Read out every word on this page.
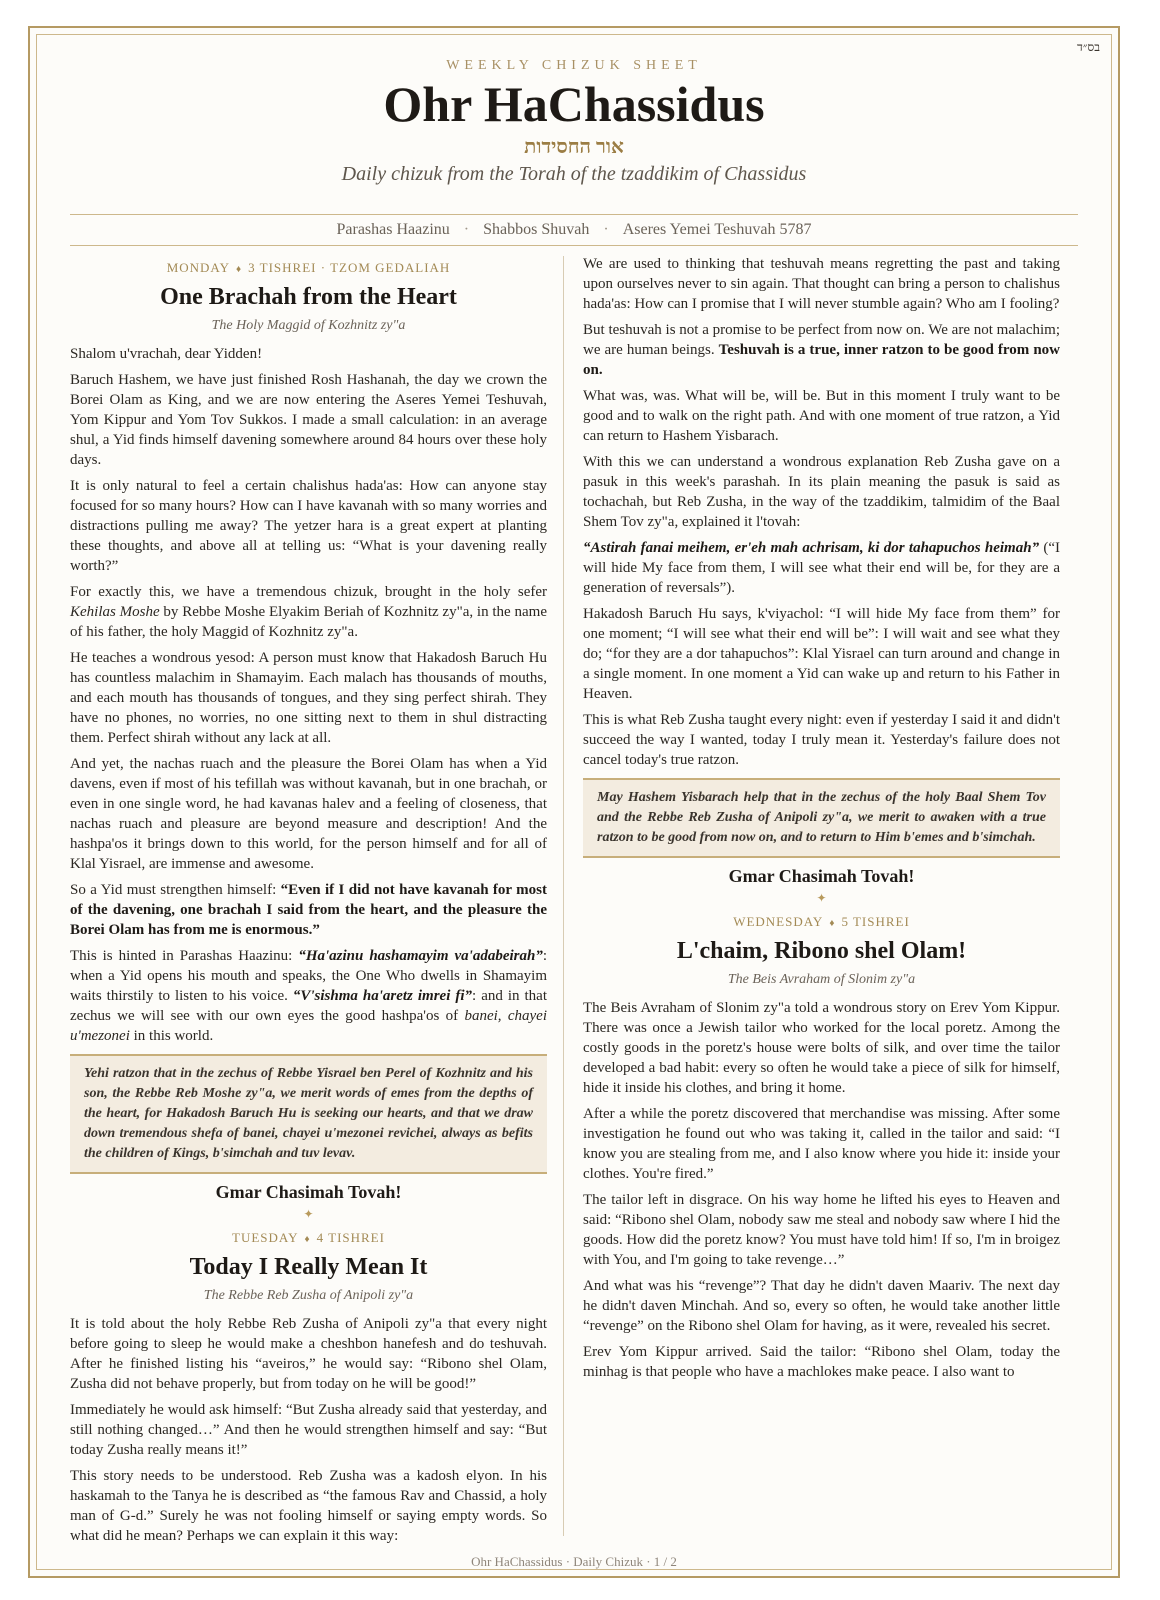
בס״ד
WEEKLY CHIZUK SHEET
Ohr HaChassidus
אור החסידות
Daily chizuk from the Torah of the tzaddikim of Chassidus
Parashas Haazinu · Shabbos Shuvah · Aseres Yemei Teshuvah 5787
MONDAY ♦ 3 TISHREI · TZOM GEDALIAH
One Brachah from the Heart
The Holy Maggid of Kozhnitz zy"a

Shalom u'vrachah, dear Yidden!

Baruch Hashem, we have just finished Rosh Hashanah, the day we crown the Borei Olam as King, and we are now entering the Aseres Yemei Teshuvah, Yom Kippur and Yom Tov Sukkos. I made a small calculation: in an average shul, a Yid finds himself davening somewhere around 84 hours over these holy days.

It is only natural to feel a certain chalishus hada'as: How can anyone stay focused for so many hours? How can I have kavanah with so many worries and distractions pulling me away? The yetzer hara is a great expert at planting these thoughts, and above all at telling us: “What is your davening really worth?”

For exactly this, we have a tremendous chizuk, brought in the holy sefer Kehilas Moshe by Rebbe Moshe Elyakim Beriah of Kozhnitz zy"a, in the name of his father, the holy Maggid of Kozhnitz zy"a.

He teaches a wondrous yesod: A person must know that Hakadosh Baruch Hu has countless malachim in Shamayim. Each malach has thousands of mouths, and each mouth has thousands of tongues, and they sing perfect shirah. They have no phones, no worries, no one sitting next to them in shul distracting them. Perfect shirah without any lack at all.

And yet, the nachas ruach and the pleasure the Borei Olam has when a Yid davens, even if most of his tefillah was without kavanah, but in one brachah, or even in one single word, he had kavanas halev and a feeling of closeness, that nachas ruach and pleasure are beyond measure and description! And the hashpa'os it brings down to this world, for the person himself and for all of Klal Yisrael, are immense and awesome.

So a Yid must strengthen himself: “Even if I did not have kavanah for most of the davening, one brachah I said from the heart, and the pleasure the Borei Olam has from me is enormous.”

This is hinted in Parashas Haazinu: “Ha'azinu hashamayim va'adabeirah”: when a Yid opens his mouth and speaks, the One Who dwells in Shamayim waits thirstily to listen to his voice. “V'sishma ha'aretz imrei fi”: and in that zechus we will see with our own eyes the good hashpa'os of banei, chayei u'mezonei in this world.

Yehi ratzon that in the zechus of Rebbe Yisrael ben Perel of Kozhnitz and his son, the Rebbe Reb Moshe zy"a, we merit words of emes from the depths of the heart, for Hakadosh Baruch Hu is seeking our hearts, and that we draw down tremendous shefa of banei, chayei u'mezonei revichei, always as befits the children of Kings, b'simchah and tuv levav.
Gmar Chasimah Tovah!
✦
TUESDAY ♦ 4 TISHREI
Today I Really Mean It
The Rebbe Reb Zusha of Anipoli zy"a

It is told about the holy Rebbe Reb Zusha of Anipoli zy"a that every night before going to sleep he would make a cheshbon hanefesh and do teshuvah. After he finished listing his “aveiros,” he would say: “Ribono shel Olam, Zusha did not behave properly, but from today on he will be good!”

Immediately he would ask himself: “But Zusha already said that yesterday, and still nothing changed…” And then he would strengthen himself and say: “But today Zusha really means it!”

This story needs to be understood. Reb Zusha was a kadosh elyon. In his haskamah to the Tanya he is described as “the famous Rav and Chassid, a holy man of G-d.” Surely he was not fooling himself or saying empty words. So what did he mean? Perhaps we can explain it this way:

We are used to thinking that teshuvah means regretting the past and taking upon ourselves never to sin again. That thought can bring a person to chalishus hada'as: How can I promise that I will never stumble again? Who am I fooling?

But teshuvah is not a promise to be perfect from now on. We are not malachim; we are human beings. Teshuvah is a true, inner ratzon to be good from now on.

What was, was. What will be, will be. But in this moment I truly want to be good and to walk on the right path. And with one moment of true ratzon, a Yid can return to Hashem Yisbarach.

With this we can understand a wondrous explanation Reb Zusha gave on a pasuk in this week's parashah. In its plain meaning the pasuk is said as tochachah, but Reb Zusha, in the way of the tzaddikim, talmidim of the Baal Shem Tov zy"a, explained it l'tovah:

“Astirah fanai meihem, er'eh mah achrisam, ki dor tahapuchos heimah” (“I will hide My face from them, I will see what their end will be, for they are a generation of reversals”).

Hakadosh Baruch Hu says, k'viyachol: “I will hide My face from them” for one moment; “I will see what their end will be”: I will wait and see what they do; “for they are a dor tahapuchos”: Klal Yisrael can turn around and change in a single moment. In one moment a Yid can wake up and return to his Father in Heaven.

This is what Reb Zusha taught every night: even if yesterday I said it and didn't succeed the way I wanted, today I truly mean it. Yesterday's failure does not cancel today's true ratzon.

May Hashem Yisbarach help that in the zechus of the holy Baal Shem Tov and the Rebbe Reb Zusha of Anipoli zy"a, we merit to awaken with a true ratzon to be good from now on, and to return to Him b'emes and b'simchah.
Gmar Chasimah Tovah!
✦
WEDNESDAY ♦ 5 TISHREI
L'chaim, Ribono shel Olam!
The Beis Avraham of Slonim zy"a

The Beis Avraham of Slonim zy"a told a wondrous story on Erev Yom Kippur. There was once a Jewish tailor who worked for the local poretz. Among the costly goods in the poretz's house were bolts of silk, and over time the tailor developed a bad habit: every so often he would take a piece of silk for himself, hide it inside his clothes, and bring it home.

After a while the poretz discovered that merchandise was missing. After some investigation he found out who was taking it, called in the tailor and said: “I know you are stealing from me, and I also know where you hide it: inside your clothes. You're fired.”

The tailor left in disgrace. On his way home he lifted his eyes to Heaven and said: “Ribono shel Olam, nobody saw me steal and nobody saw where I hid the goods. How did the poretz know? You must have told him! If so, I'm in broigez with You, and I'm going to take revenge…”

And what was his “revenge”? That day he didn't daven Maariv. The next day he didn't daven Minchah. And so, every so often, he would take another little “revenge” on the Ribono shel Olam for having, as it were, revealed his secret.

Erev Yom Kippur arrived. Said the tailor: “Ribono shel Olam, today the minhag is that people who have a machlokes make peace. I also want to

Ohr HaChassidus · Daily Chizuk · 1 / 2
